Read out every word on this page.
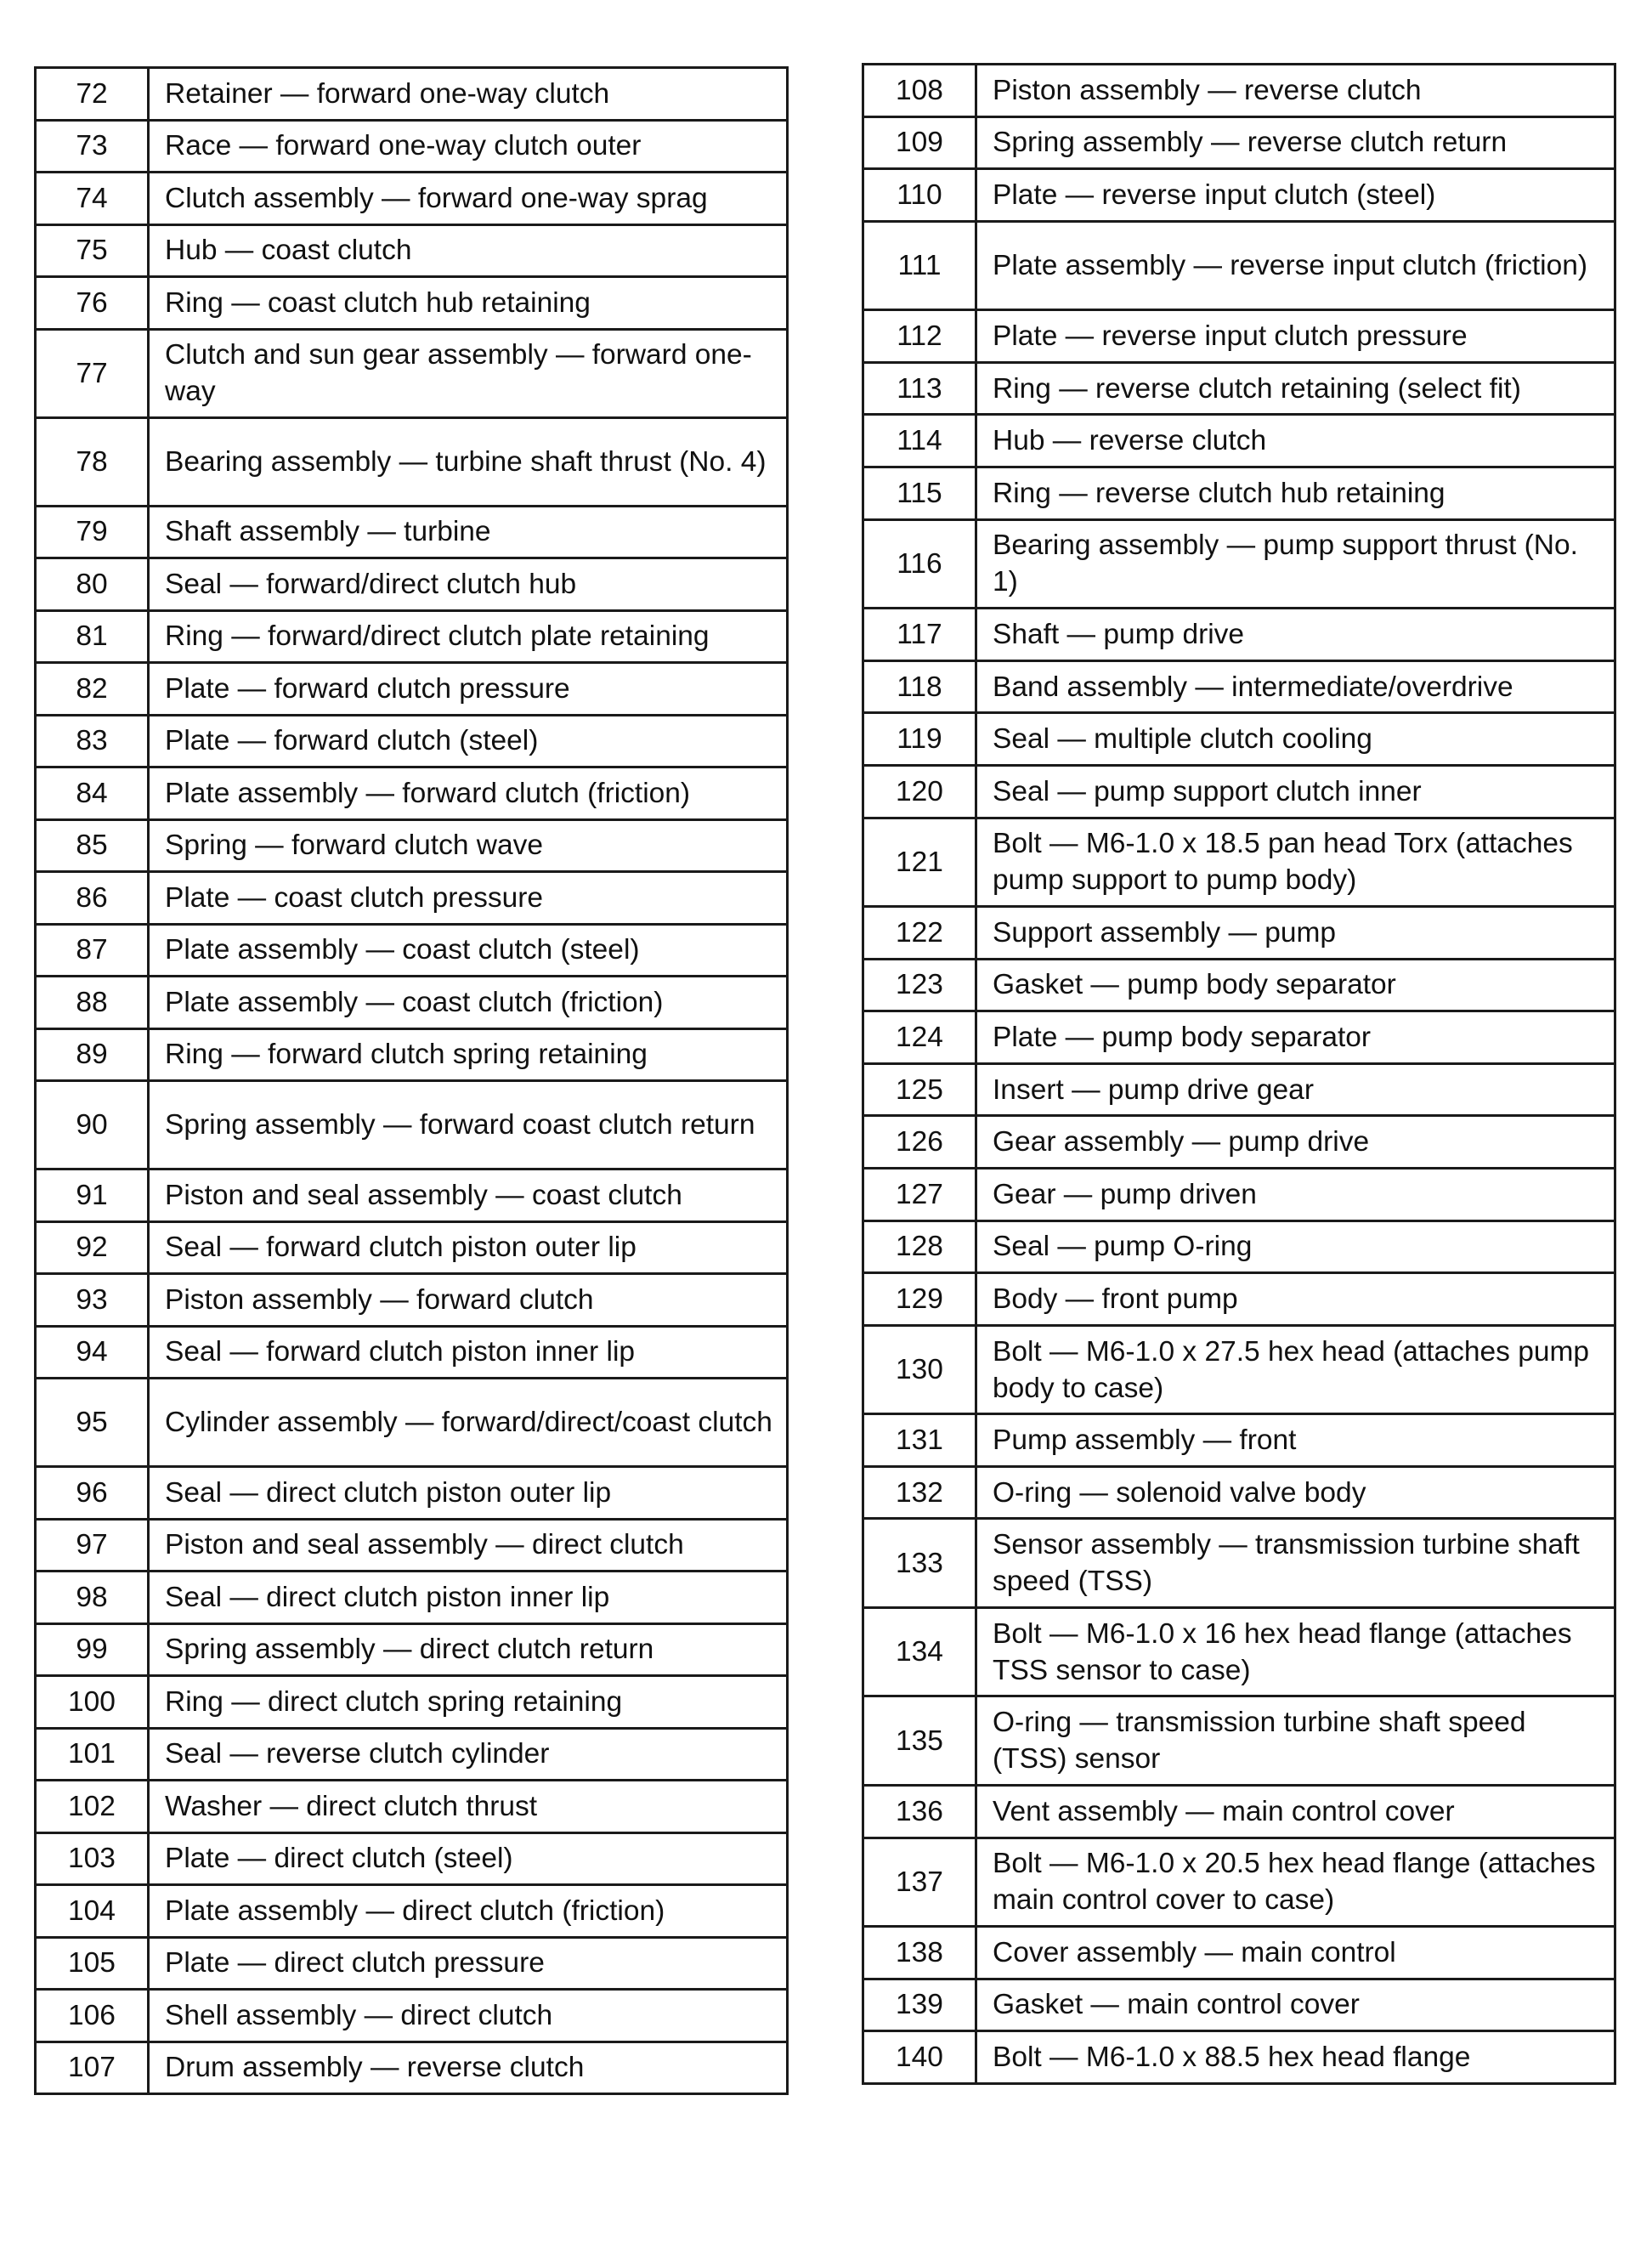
72	Retainer — forward one-way clutch
73	Race — forward one-way clutch outer
74	Clutch assembly — forward one-way sprag
75	Hub — coast clutch
76	Ring — coast clutch hub retaining
77	Clutch and sun gear assembly — forward one-way
78	Bearing assembly — turbine shaft thrust (No. 4)
79	Shaft assembly — turbine
80	Seal — forward/direct clutch hub
81	Ring — forward/direct clutch plate retaining
82	Plate — forward clutch pressure
83	Plate — forward clutch (steel)
84	Plate assembly — forward clutch (friction)
85	Spring — forward clutch wave
86	Plate — coast clutch pressure
87	Plate assembly — coast clutch (steel)
88	Plate assembly — coast clutch (friction)
89	Ring — forward clutch spring retaining
90	Spring assembly — forward coast clutch return
91	Piston and seal assembly — coast clutch
92	Seal — forward clutch piston outer lip
93	Piston assembly — forward clutch
94	Seal — forward clutch piston inner lip
95	Cylinder assembly — forward/direct/coast clutch
96	Seal — direct clutch piston outer lip
97	Piston and seal assembly — direct clutch
98	Seal — direct clutch piston inner lip
99	Spring assembly — direct clutch return
100	Ring — direct clutch spring retaining
101	Seal — reverse clutch cylinder
102	Washer — direct clutch thrust
103	Plate — direct clutch (steel)
104	Plate assembly — direct clutch (friction)
105	Plate — direct clutch pressure
106	Shell assembly — direct clutch
107	Drum assembly — reverse clutch
108	Piston assembly — reverse clutch
109	Spring assembly — reverse clutch return
110	Plate — reverse input clutch (steel)
111	Plate assembly — reverse input clutch (friction)
112	Plate — reverse input clutch pressure
113	Ring — reverse clutch retaining (select fit)
114	Hub — reverse clutch
115	Ring — reverse clutch hub retaining
116	Bearing assembly — pump support thrust (No. 1)
117	Shaft — pump drive
118	Band assembly — intermediate/overdrive
119	Seal — multiple clutch cooling
120	Seal — pump support clutch inner
121	Bolt — M6-1.0 x 18.5 pan head Torx (attaches pump support to pump body)
122	Support assembly — pump
123	Gasket — pump body separator
124	Plate — pump body separator
125	Insert — pump drive gear
126	Gear assembly — pump drive
127	Gear — pump driven
128	Seal — pump O-ring
129	Body — front pump
130	Bolt — M6-1.0 x 27.5 hex head (attaches pump body to case)
131	Pump assembly — front
132	O-ring — solenoid valve body
133	Sensor assembly — transmission turbine shaft speed (TSS)
134	Bolt — M6-1.0 x 16 hex head flange (attaches TSS sensor to case)
135	O-ring — transmission turbine shaft speed (TSS) sensor
136	Vent assembly — main control cover
137	Bolt — M6-1.0 x 20.5 hex head flange (attaches main control cover to case)
138	Cover assembly — main control
139	Gasket — main control cover
140	Bolt — M6-1.0 x 88.5 hex head flange
